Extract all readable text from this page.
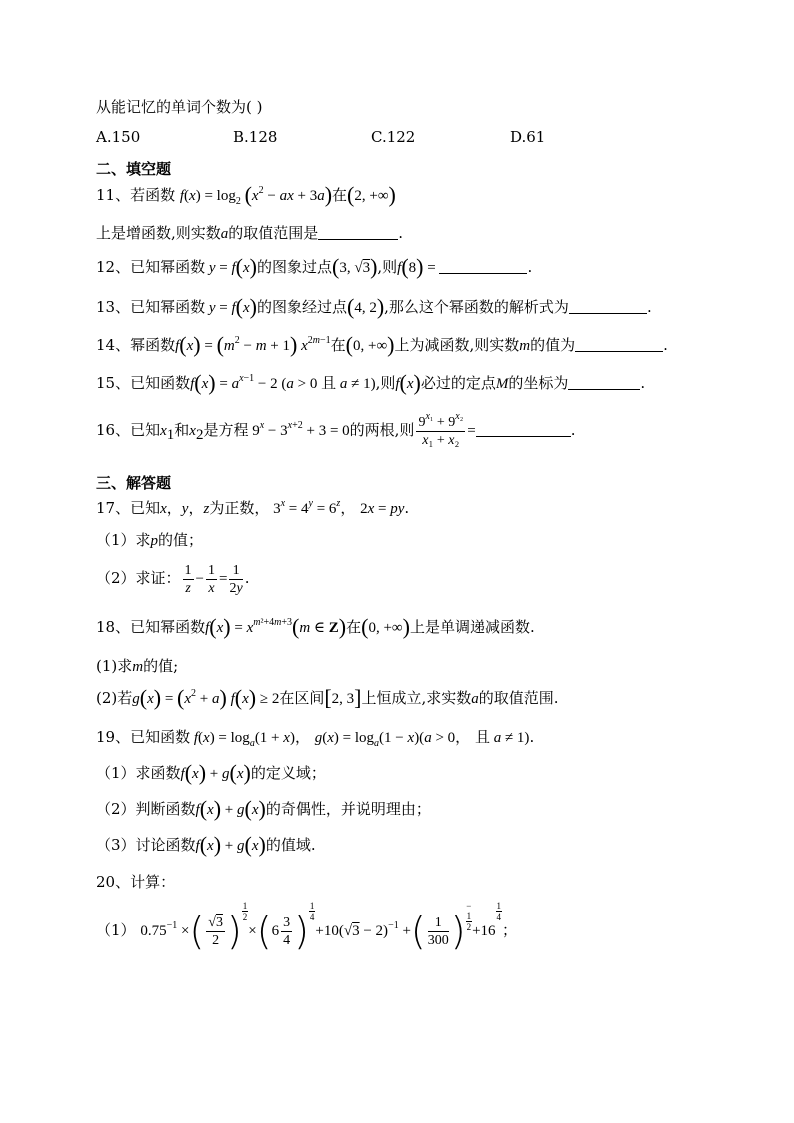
从能记忆的单词个数为( )
A.150	B.128	C.122	D.61
二、填空题
11、若函数 $f(x) = \log_2 (x^2$ − ax + 3a)在(2, +∞)
上是增函数,则实数a的取值范围是	.
12、已知幂函数 y = f(x)的图象过点(3, √3),则f(8) =	.
13、已知幂函数 y = f(x)的图象经过点(4, 2),那么这个幂函数的解析式为	.
14、幂函数$f(x) = (m^2 - m + 1)$ $x^{2m-1}$在(0, +∞)上为减函数,则实数m的值为	.
15、已知函数$f(x) = a^{x-1} - 2$ (a > 0 且 a ≠ 1),则f(x)必过的定点M的坐标为	.
16、已知$x_1$和$x_2$是方程 $9^x - 3^{x+2} + 3 = 0$的两根,则 $\frac{9^{x_1} + 9^{x_2}}{\text{x₁ + x₂}}$ =	.
三、解答题
17、已知x，y，z为正数， $3^x = 4^y = 6^z$， 2x = py.
（1）求p的值；
（2）求证： $\frac{1}{z} - \frac{1}{x} = \frac{1}{2y}$ .
18、已知幂函数$f(x) = x^{m^2+4m+3}(m$ ∈ Z)在(0, +∞)上是单调递减函数.
(1)求m的值;
(2)若$g(x) = (x^2 + a) f(x) \ge 2$在区间[2, 3]上恒成立,求实数a的取值范围.
19、已知函数 $f(x) = \log_a(1 + x)$， $g(x) = \log_a(1 - x)(a > 0$， 且 a ≠ 1).
（1）求函数f(x) + g(x)的定义域；
（2）判断函数f(x) + g(x)的奇偶性，并说明理由；
（3）讨论函数f(x) + g(x)的值域.
20、计算：
（1） $0.75^{-1}$ ×( $\frac{√3}{2}$ )
1
$2\times(6 \frac{3}{4}$ )
1
$4+10(√3 - 2)^{-1}$ +( $\frac{1}{300}$ )−
1
2+16
1
4；
